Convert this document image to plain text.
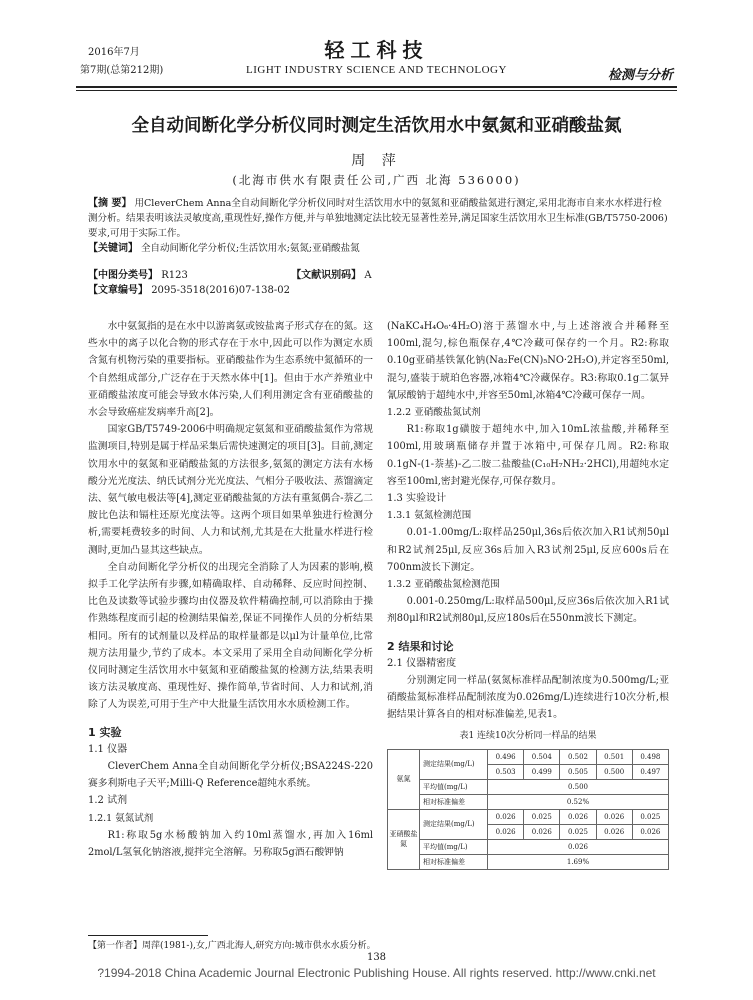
2016年7月
第7期(总第212期)
轻工科技
LIGHT INDUSTRY SCIENCE AND TECHNOLOGY	检测与分析
全自动间断化学分析仪同时测定生活饮用水中氨氮和亚硝酸盐氮
周 萍
(北海市供水有限责任公司,广西 北海 536000)

【摘 要】 用CleverChem Anna全自动间断化学分析仪同时对生活饮用水中的氨氮和亚硝酸盐氮进行测定,采用北海市自来水水样进行检测分析。结果表明该法灵敏度高,重现性好,操作方便,并与单独地测定法比较无显著性差异,满足国家生活饮用水卫生标准(GB/T5750-2006)要求,可用于实际工作。

【关键词】 全自动间断化学分析仪;生活饮用水;氨氮;亚硝酸盐氮

【中图分类号】 R123	【文献识别码】 A 【文章编号】 2095-3518(2016)07-138-02

水中氨氮指的是在水中以游离氨或铵盐离子形式存在的氮。这些水中的离子以化合物的形式存在于水中,因此可以作为测定水质含氮有机物污染的重要指标。亚硝酸盐作为生态系统中氮循环的一个自然组成部分,广泛存在于天然水体中[1]。但由于水产养殖业中亚硝酸盐浓度可能会导致水体污染,人们利用测定含有亚硝酸盐的水会导致癌症发病率升高[2]。

国家GB/T5749-2006中明确规定氨氮和亚硝酸盐氮作为常规监测项目,特别是属于样品采集后需快速测定的项目[3]。目前,测定饮用水中的氨氮和亚硝酸盐氮的方法很多,氨氮的测定方法有水杨酸分光光度法、纳氏试剂分光光度法、气相分子吸收法、蒸馏滴定法、氨气敏电极法等[4],测定亚硝酸盐氮的方法有重氮偶合-萘乙二胺比色法和镉柱还原光度法等。这两个项目如果单独进行检测分析,需要耗费较多的时间、人力和试剂,尤其是在大批量水样进行检测时,更加凸显其这些缺点。

全自动间断化学分析仪的出现完全消除了人为因素的影响,模拟手工化学法所有步骤,如精确取样、自动稀释、反应时间控制、比色及读数等试验步骤均由仪器及软件精确控制,可以消除由于操作熟练程度而引起的检测结果偏差,保证不同操作人员的分析结果相同。所有的试剂量以及样品的取样量都是以μl为计量单位,比常规方法用量少,节约了成本。本文采用了采用全自动间断化学分析仪同时测定生活饮用水中氨氮和亚硝酸盐氮的检测方法,结果表明该方法灵敏度高、重现性好、操作简单,节省时间、人力和试剂,消除了人为误差,可用于生产中大批量生活饮用水水质检测工作。

1 实验
1.1 仪器

CleverChem Anna全自动间断化学分析仪;BSA224S-220赛多利斯电子天平;Milli-Q Reference超纯水系统。

1.2 试剂
1.2.1 氨氮试剂

R1:称取5g水杨酸钠加入约10ml蒸馏水,再加入16ml 2mol/L氢氧化钠溶液,搅拌完全溶解。另称取5g酒石酸钾钠

(NaKC₄H₄O₆·4H₂O)溶于蒸馏水中,与上述溶液合并稀释至100ml,混匀,棕色瓶保存,4℃冷藏可保存约一个月。R2:称取0.10g亚硝基铁氰化钠(Na₂Fe(CN)₅NO·2H₂O),并定容至50ml,混匀,盛装于琥珀色容器,冰箱4℃冷藏保存。R3:称取0.1g二氯异氰尿酸钠于超纯水中,并容至50ml,冰箱4℃冷藏可保存一周。

1.2.2 亚硝酸盐氮试剂

R1:称取1g磺胺于超纯水中,加入10mL浓盐酸,并稀释至100ml,用玻璃瓶储存并置于冰箱中,可保存几周。R2:称取0.1gN-(1-萘基)-乙二胺二盐酸盐(C₁₀H₇NH₂·2HCl),用超纯水定容至100ml,密封避光保存,可保存数月。

1.3 实验设计
1.3.1 氨氮检测范围

0.01-1.00mg/L:取样品250μl,36s后依次加入R1试剂50μl和R2试剂25μl,反应36s后加入R3试剂25μl,反应600s后在700nm波长下测定。

1.3.2 亚硝酸盐氮检测范围

0.001-0.250mg/L:取样品500μl,反应36s后依次加入R1试剂80μl和R2试剂80μl,反应180s后在550nm波长下测定。

2 结果和讨论
2.1 仪器精密度

分别测定同一样品(氨氮标准样品配制浓度为0.500mg/L;亚硝酸盐氮标准样品配制浓度为0.026mg/L)连续进行10次分析,根据结果计算各自的相对标准偏差,见表1。

表1 连续10次分析同一样品的结果
氨氮	测定结果(mg/L)	0.496	0.504	0.502	0.501	0.498
		0.503	0.499	0.505	0.500	0.497
	平均值(mg/L)	0.500				
	相对标准偏差	0.52%				
亚硝酸盐氮	测定结果(mg/L)	0.026	0.025	0.026	0.026	0.025
		0.026	0.026	0.025	0.026	0.026
	平均值(mg/L)	0.026				
	相对标准偏差	1.69%				
【第一作者】周萍(1981-),女,广西北海人,研究方向:城市供水水质分析。
138
?1994-2018 China Academic Journal Electronic Publishing House. All rights reserved. http://www.cnki.net
